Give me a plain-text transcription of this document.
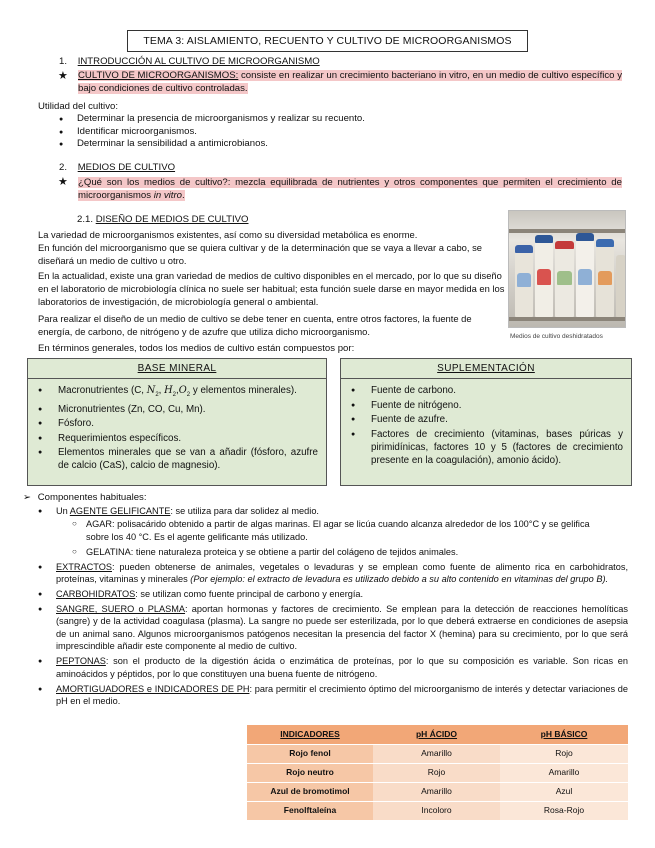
TEMA 3: AISLAMIENTO, RECUENTO Y CULTIVO DE MICROORGANISMOS
1. INTRODUCCIÓN AL CULTIVO DE MICROORGANISMO
★ CULTIVO DE MICROORGANISMOS: consiste en realizar un crecimiento bacteriano in vitro, en un medio de cultivo específico y bajo condiciones de cultivo controladas.
Utilidad del cultivo:
● Determinar la presencia de microorganismos y realizar su recuento.
● Identificar microorganismos.
● Determinar la sensibilidad a antimicrobianos.
2. MEDIOS DE CULTIVO
★ ¿Qué son los medios de cultivo?: mezcla equilibrada de nutrientes y otros componentes que permiten el crecimiento de microorganismos in vitro.
2.1. DISEÑO DE MEDIOS DE CULTIVO

La variedad de microorganismos existentes, así como su diversidad metabólica es enorme.

En función del microorganismo que se quiera cultivar y de la determinación que se vaya a llevar a cabo, se diseñará un medio de cultivo u otro.

En la actualidad, existe una gran variedad de medios de cultivo disponibles en el mercado, por lo que su diseño en el laboratorio de microbiología clínica no suele ser habitual; esta función suele darse en mayor medida en los laboratorios de investigación, de microbiología general o ambiental.

Para realizar el diseño de un medio de cultivo se debe tener en cuenta, entre otros factores, la fuente de energía, de carbono, de nitrógeno y de azufre que utiliza dicho microorganismo.	Medios de cultivo deshidratados
En términos generales, todos los medios de cultivo están compuestos por:
BASE MINERAL
● Macronutrientes (C, $N_2$, $H_2,O_2$ y elementos minerales).
● Micronutrientes (Zn, CO, Cu, Mn).
● Fósforo.
● Requerimientos específicos.
● Elementos minerales que se van a añadir (fósforo, azufre de calcio (CaS), calcio de magnesio).
SUPLEMENTACIÓN
● Fuente de carbono.
● Fuente de nitrógeno.
● Fuente de azufre.
● Factores de crecimiento (vitaminas, bases púricas y pirimidínicas, factores 10 y 5 (factores de crecimiento presente en la coagulación), amonio ácido).
➢ Componentes habituales:
● Un AGENTE GELIFICANTE: se utiliza para dar solidez al medio.
○ AGAR: polisacárido obtenido a partir de algas marinas. El agar se licúa cuando alcanza alrededor de los 100°C y se gelifica sobre los 40 °C. Es el agente gelificante más utilizado.
○ GELATINA: tiene naturaleza proteica y se obtiene a partir del colágeno de tejidos animales.
● EXTRACTOS: pueden obtenerse de animales, vegetales o levaduras y se emplean como fuente de alimento rica en carbohidratos, proteínas, vitaminas y minerales (Por ejemplo: el extracto de levadura es utilizado debido a su alto contenido en vitaminas del grupo B).
● CARBOHIDRATOS: se utilizan como fuente principal de carbono y energía.
● SANGRE, SUERO o PLASMA: aportan hormonas y factores de crecimiento. Se emplean para la detección de reacciones hemolíticas (sangre) y de la actividad coagulasa (plasma). La sangre no puede ser esterilizada, por lo que deberá extraerse en condiciones de asepsia de un animal sano. Algunos microorganismos patógenos necesitan la presencia del factor X (hemina) para su crecimiento, por lo que será imprescindible añadir este componente al medio de cultivo.
● PEPTONAS: son el producto de la digestión ácida o enzimática de proteínas, por lo que su composición es variable. Son ricas en aminoácidos y péptidos, por lo que constituyen una buena fuente de nitrógeno.
● AMORTIGUADORES e INDICADORES DE PH: para permitir el crecimiento óptimo del microorganismo de interés y detectar variaciones de pH en el medio.
INDICADORES	pH ÁCIDO	pH BÁSICO
Rojo fenol	Amarillo	Rojo
Rojo neutro	Rojo	Amarillo
Azul de bromotimol	Amarillo	Azul
Fenolftaleína	Incoloro	Rosa-Rojo
